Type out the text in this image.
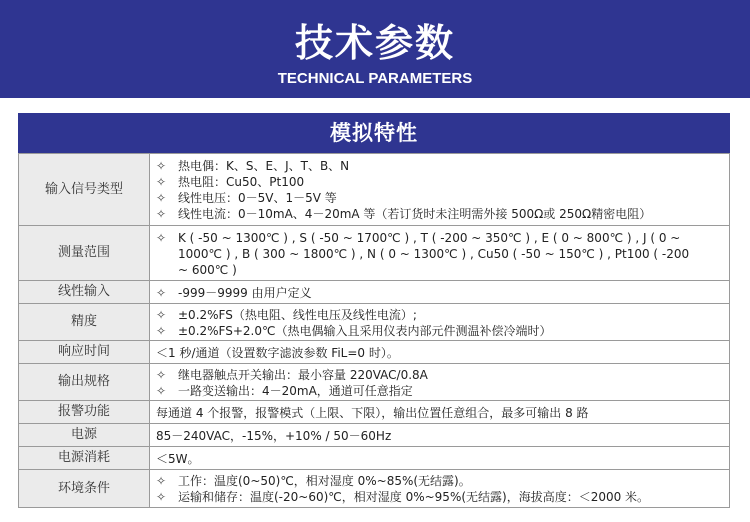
技术参数
TECHNICAL PARAMETERS
模拟特性
输入信号类型	✧ 热电偶：K、S、E、J、T、B、N
✧ 热电阻：Cu50、Pt100
✧ 线性电压：0－5V、1－5V 等
✧ 线性电流：0－10mA、4－20mA 等（若订货时未注明需外接 500Ω或 250Ω精密电阻）

测量范围	✧ K ( -50 ~ 1300℃ ) , S ( -50 ~ 1700℃ ) , T ( -200 ~ 350℃ ) , E ( 0 ~ 800℃ ) , J ( 0 ~
1000℃ ) , B ( 300 ~ 1800℃ ) , N ( 0 ~ 1300℃ ) , Cu50 ( -50 ~ 150℃ ) , Pt100 ( -200
~ 600℃ )

线性输入	✧ -999－9999 由用户定义

精度	✧ ±0.2%FS（热电阻、线性电压及线性电流）;
✧ ±0.2%FS+2.0℃（热电偶输入且采用仪表内部元件测温补偿冷端时）

响应时间	＜1 秒/通道（设置数字滤波参数 FiL=0 时）。

输出规格	✧ 继电器触点开关输出：最小容量 220VAC/0.8A
✧ 一路变送输出：4－20mA，通道可任意指定

报警功能	每通道 4 个报警，报警模式（上限、下限），输出位置任意组合，最多可输出 8 路

电源	85－240VAC，-15%，+10% / 50－60Hz

电源消耗	＜5W。

环境条件	✧ 工作：温度(0~50)℃，相对湿度 0%~85%(无结露)。
✧ 运输和储存：温度(-20~60)℃，相对湿度 0%~95%(无结露)，海拔高度：＜2000 米。
